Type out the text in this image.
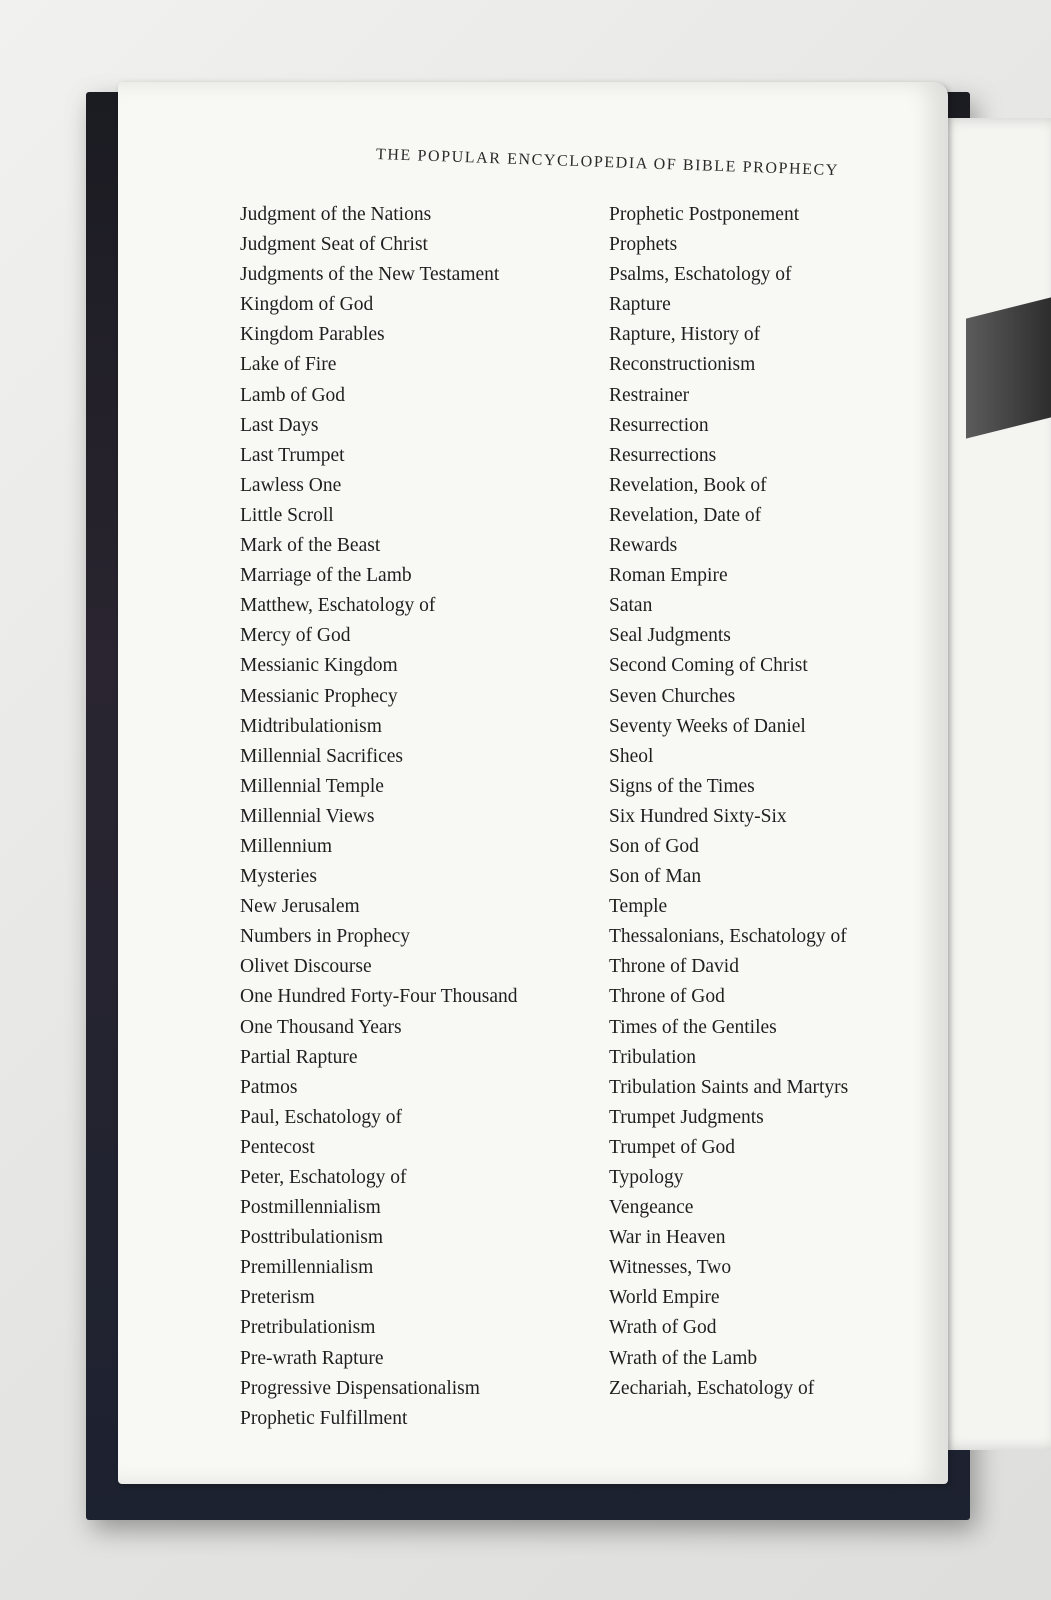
THE POPULAR ENCYCLOPEDIA OF BIBLE PROPHECY
Judgment of the Nations
Judgment Seat of Christ
Judgments of the New Testament
Kingdom of God
Kingdom Parables
Lake of Fire
Lamb of God
Last Days
Last Trumpet
Lawless One
Little Scroll
Mark of the Beast
Marriage of the Lamb
Matthew, Eschatology of
Mercy of God
Messianic Kingdom
Messianic Prophecy
Midtribulationism
Millennial Sacrifices
Millennial Temple
Millennial Views
Millennium
Mysteries
New Jerusalem
Numbers in Prophecy
Olivet Discourse
One Hundred Forty-Four Thousand
One Thousand Years
Partial Rapture
Patmos
Paul, Eschatology of
Pentecost
Peter, Eschatology of
Postmillennialism
Posttribulationism
Premillennialism
Preterism
Pretribulationism
Pre-wrath Rapture
Progressive Dispensationalism
Prophetic Fulfillment
Prophetic Postponement
Prophets
Psalms, Eschatology of
Rapture
Rapture, History of
Reconstructionism
Restrainer
Resurrection
Resurrections
Revelation, Book of
Revelation, Date of
Rewards
Roman Empire
Satan
Seal Judgments
Second Coming of Christ
Seven Churches
Seventy Weeks of Daniel
Sheol
Signs of the Times
Six Hundred Sixty-Six
Son of God
Son of Man
Temple
Thessalonians, Eschatology of
Throne of David
Throne of God
Times of the Gentiles
Tribulation
Tribulation Saints and Martyrs
Trumpet Judgments
Trumpet of God
Typology
Vengeance
War in Heaven
Witnesses, Two
World Empire
Wrath of God
Wrath of the Lamb
Zechariah, Eschatology of
